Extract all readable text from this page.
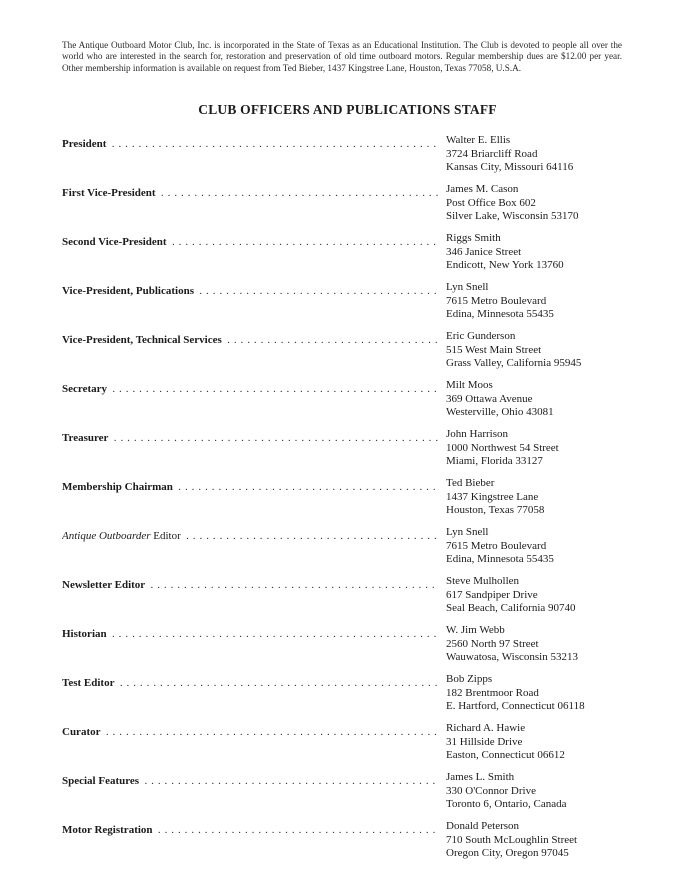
The Antique Outboard Motor Club, Inc. is incorporated in the State of Texas as an Educational Institution. The Club is devoted to people all over the world who are interested in the search for, restoration and preservation of old time outboard motors. Regular membership dues are $12.00 per year. Other membership information is available on request from Ted Bieber, 1437 Kingstree Lane, Houston, Texas 77058, U.S.A.

CLUB OFFICERS AND PUBLICATIONS STAFF
President . . .	Walter E. Ellis
3724 Briarcliff Road
Kansas City, Missouri 64116
First Vice-President . . .	James M. Cason
Post Office Box 602
Silver Lake, Wisconsin 53170
Second Vice-President . . .	Riggs Smith
346 Janice Street
Endicott, New York 13760
Vice-President, Publications . . .	Lyn Snell
7615 Metro Boulevard
Edina, Minnesota 55435
Vice-President, Technical Services . . .	Eric Gunderson
515 West Main Street
Grass Valley, California 95945
Secretary . . .	Milt Moos
369 Ottawa Avenue
Westerville, Ohio 43081
Treasurer . . .	John Harrison
1000 Northwest 54 Street
Miami, Florida 33127
Membership Chairman . . .	Ted Bieber
1437 Kingstree Lane
Houston, Texas 77058
Antique Outboarder Editor . . .	Lyn Snell
7615 Metro Boulevard
Edina, Minnesota 55435
Newsletter Editor . . .	Steve Mulhollen
617 Sandpiper Drive
Seal Beach, California 90740
Historian . . .	W. Jim Webb
2560 North 97 Street
Wauwatosa, Wisconsin 53213
Test Editor . . .	Bob Zipps
182 Brentmoor Road
E. Hartford, Connecticut 06118
Curator . . .	Richard A. Hawie
31 Hillside Drive
Easton, Connecticut 06612
Special Features . . .	James L. Smith
330 O'Connor Drive
Toronto 6, Ontario, Canada
Motor Registration . . .	Donald Peterson
710 South McLoughlin Street
Oregon City, Oregon 97045
